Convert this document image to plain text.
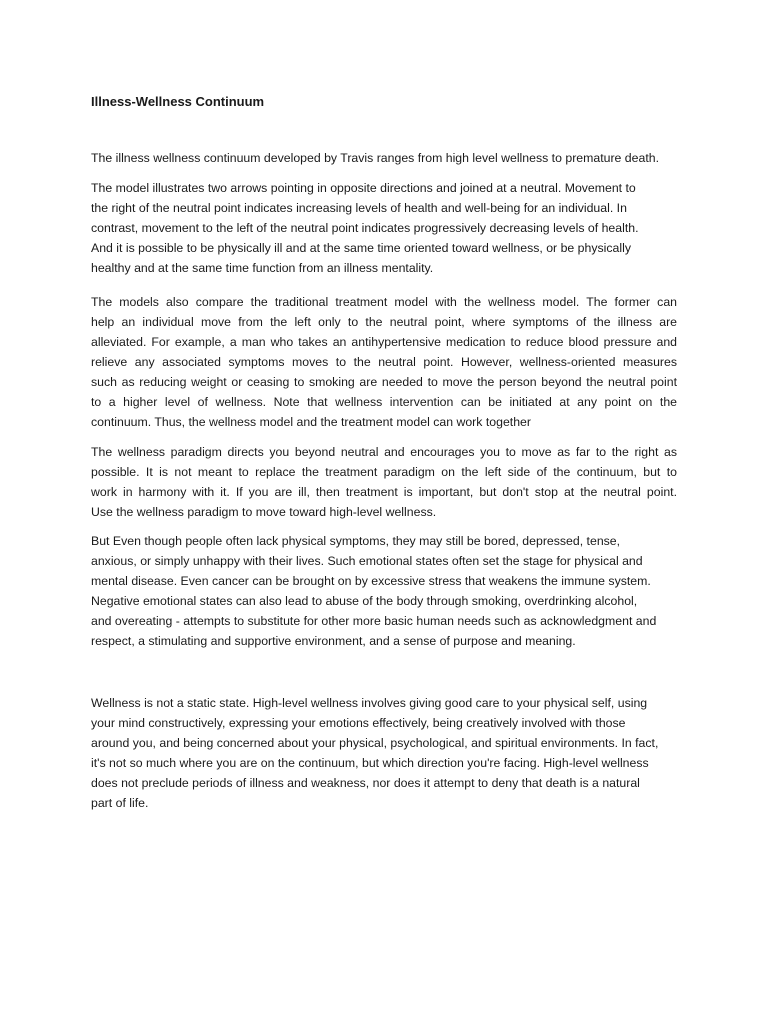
Illness-Wellness Continuum

The illness wellness continuum developed by Travis ranges from high level wellness to premature death.

The model illustrates two arrows pointing in opposite directions and joined at a neutral. Movement to
the right of the neutral point indicates increasing levels of health and well-being for an individual. In
contrast, movement to the left of the neutral point indicates progressively decreasing levels of health.
And it is possible to be physically ill and at the same time oriented toward wellness, or be physically
healthy and at the same time function from an illness mentality.

The models also compare the traditional treatment model with the wellness model. The former can
help an individual move from the left only to the neutral point, where symptoms of the illness are
alleviated. For example, a man who takes an antihypertensive medication to reduce blood pressure and
relieve any associated symptoms moves to the neutral point. However, wellness-oriented measures
such as reducing weight or ceasing to smoking are needed to move the person beyond the neutral point
to a higher level of wellness. Note that wellness intervention can be initiated at any point on the
continuum. Thus, the wellness model and the treatment model can work together

The wellness paradigm directs you beyond neutral and encourages you to move as far to the right as
possible. It is not meant to replace the treatment paradigm on the left side of the continuum, but to
work in harmony with it. If you are ill, then treatment is important, but don't stop at the neutral point.
Use the wellness paradigm to move toward high-level wellness.

But Even though people often lack physical symptoms, they may still be bored, depressed, tense,
anxious, or simply unhappy with their lives. Such emotional states often set the stage for physical and
mental disease. Even cancer can be brought on by excessive stress that weakens the immune system.
Negative emotional states can also lead to abuse of the body through smoking, overdrinking alcohol,
and overeating - attempts to substitute for other more basic human needs such as acknowledgment and
respect, a stimulating and supportive environment, and a sense of purpose and meaning.

Wellness is not a static state. High-level wellness involves giving good care to your physical self, using
your mind constructively, expressing your emotions effectively, being creatively involved with those
around you, and being concerned about your physical, psychological, and spiritual environments. In fact,
it's not so much where you are on the continuum, but which direction you're facing. High-level wellness
does not preclude periods of illness and weakness, nor does it attempt to deny that death is a natural
part of life.
